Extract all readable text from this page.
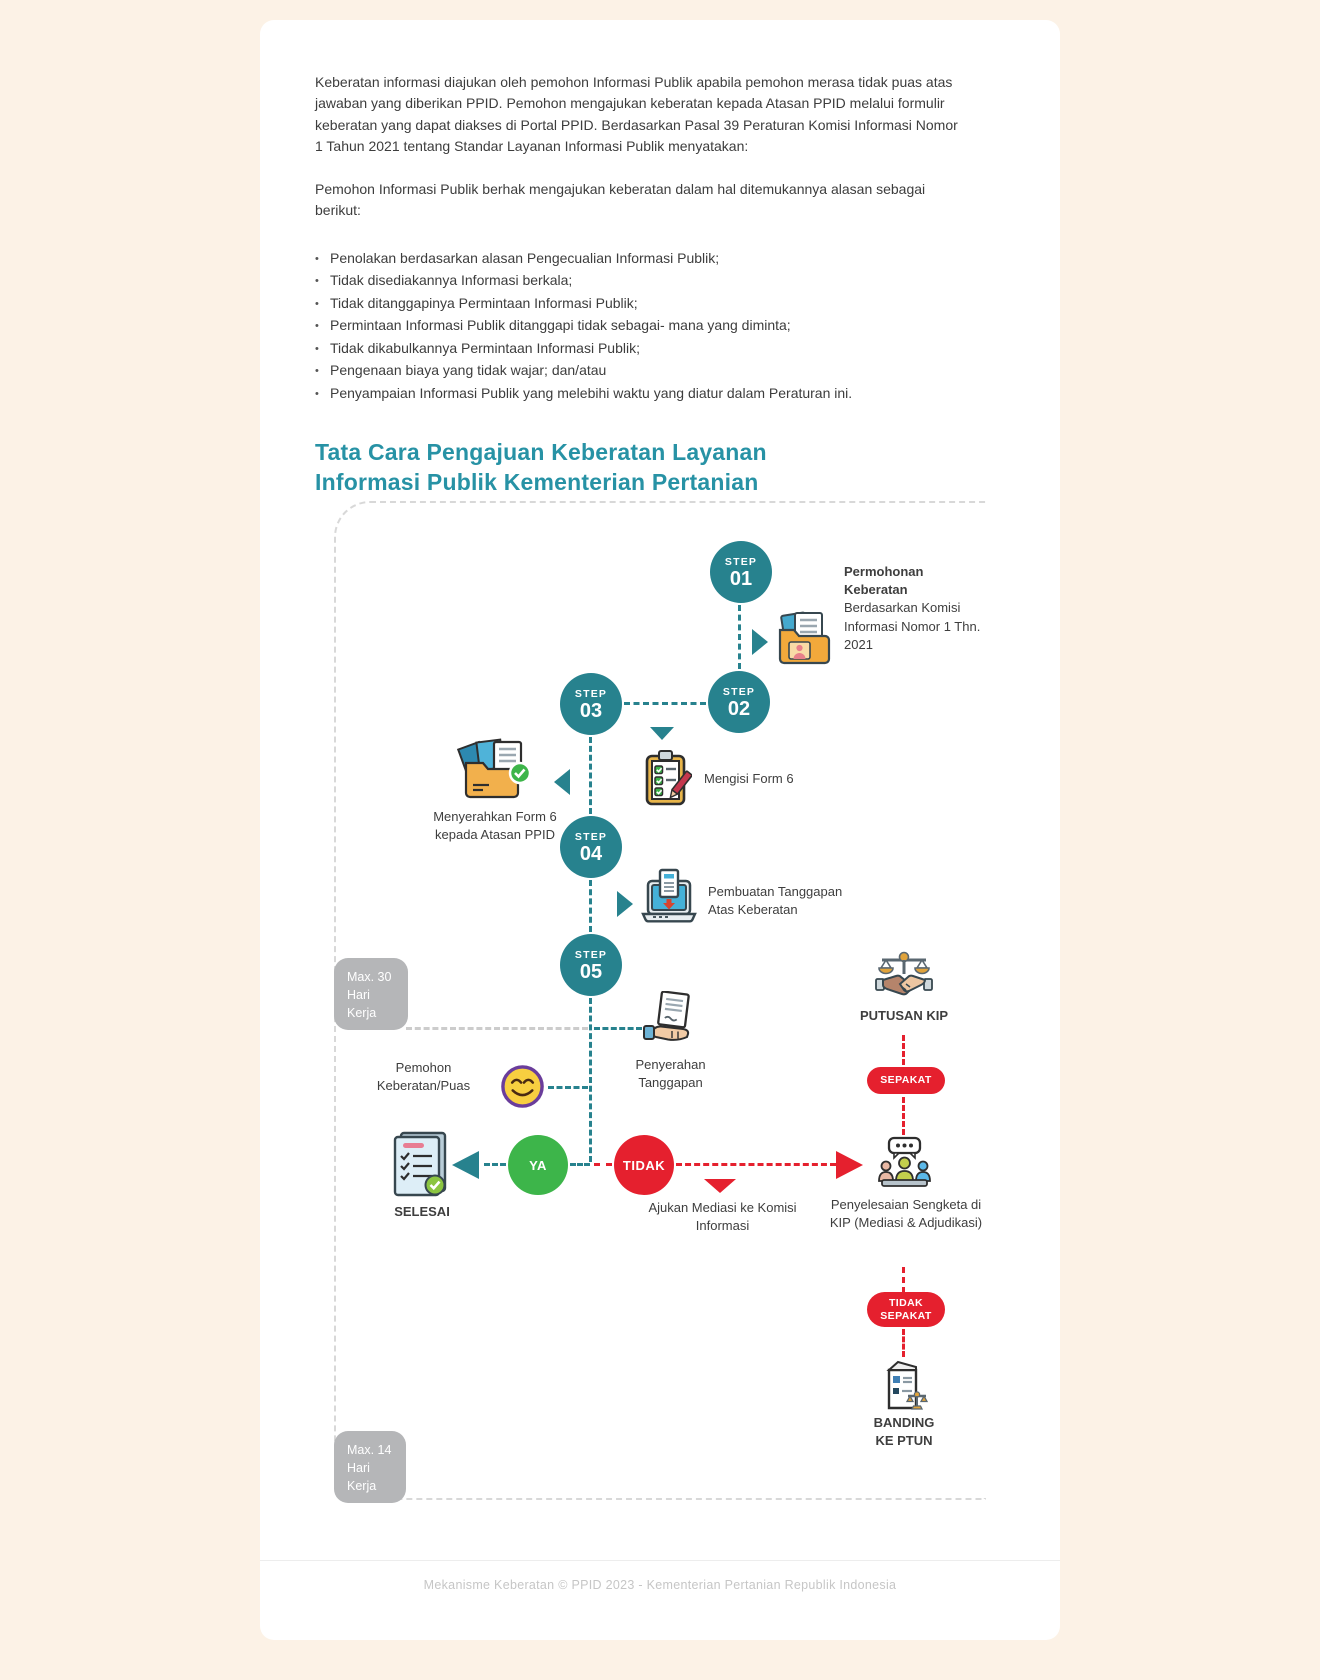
Keberatan informasi diajukan oleh pemohon Informasi Publik apabila pemohon merasa tidak puas atas jawaban yang diberikan PPID. Pemohon mengajukan keberatan kepada Atasan PPID melalui formulir keberatan yang dapat diakses di Portal PPID. Berdasarkan Pasal 39 Peraturan Komisi Informasi Nomor 1 Tahun 2021 tentang Standar Layanan Informasi Publik menyatakan:

Pemohon Informasi Publik berhak mengajukan keberatan dalam hal ditemukannya alasan sebagai berikut:

• Penolakan berdasarkan alasan Pengecualian Informasi Publik;
• Tidak disediakannya Informasi berkala;
• Tidak ditanggapinya Permintaan Informasi Publik;
• Permintaan Informasi Publik ditanggapi tidak sebagai- mana yang diminta;
• Tidak dikabulkannya Permintaan Informasi Publik;
• Pengenaan biaya yang tidak wajar; dan/atau
• Penyampaian Informasi Publik yang melebihi waktu yang diatur dalam Peraturan ini.
Tata Cara Pengajuan Keberatan Layanan
Informasi Publik Kementerian Pertanian
STEP
01
STEP
02
STEP
03
STEP
04
STEP
05
YA	TIDAK
SEPAKAT
TIDAK SEPAKAT
Max. 30 Hari Kerja
Max. 14 Hari Kerja
Permohonan Keberatan
Berdasarkan Komisi Informasi Nomor 1 Thn. 2021
Mengisi Form 6
Menyerahkan Form 6 kepada Atasan PPID
Pembuatan Tanggapan Atas Keberatan
Penyerahan Tanggapan
Pemohon Keberatan/Puas
SELESAI	Ajukan Mediasi ke Komisi Informasi
PUTUSAN KIP
Penyelesaian Sengketa di KIP (Mediasi & Adjudikasi)
BANDING
KE PTUN
Mekanisme Keberatan © PPID 2023 - Kementerian Pertanian Republik Indonesia
